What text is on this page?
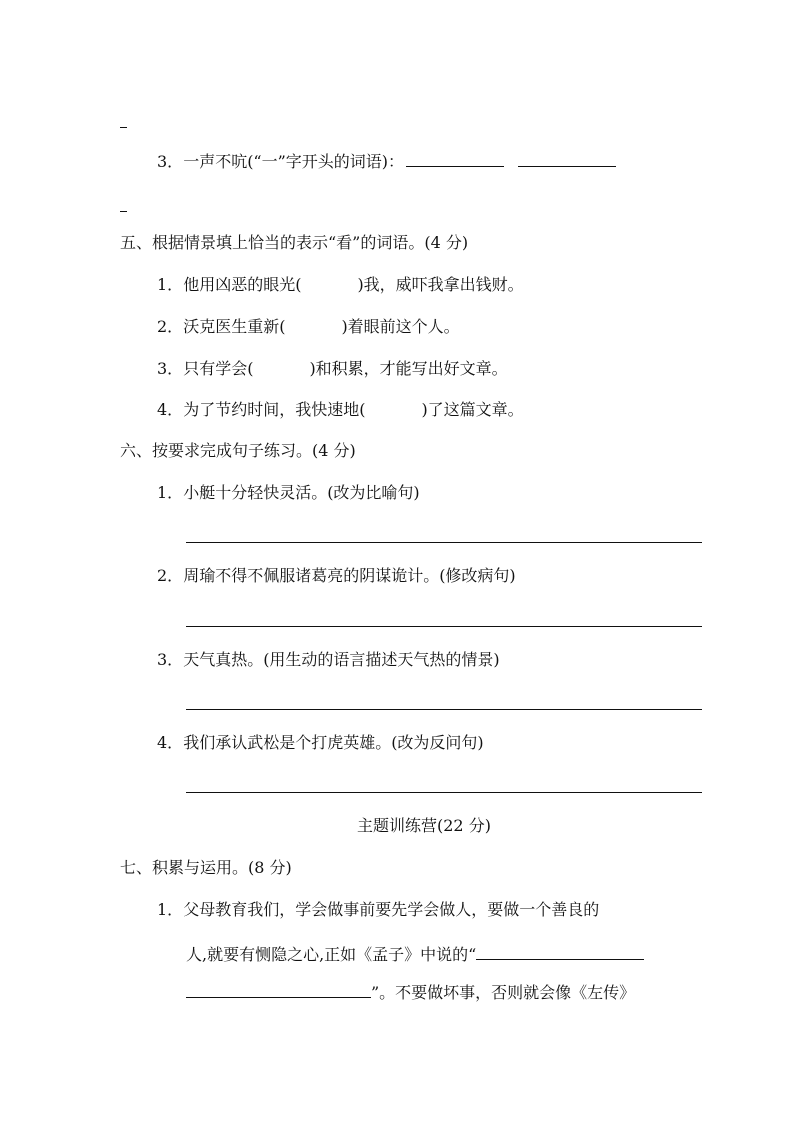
3．一声不吭(“一”字开头的词语)：
五、根据情景填上恰当的表示“看”的词语。(4 分)
1．他用凶恶的眼光(	)我，威吓我拿出钱财。
2．沃克医生重新(	)着眼前这个人。
3．只有学会(	)和积累，才能写出好文章。
4．为了节约时间，我快速地(	)了这篇文章。
六、按要求完成句子练习。(4 分)
1．小艇十分轻快灵活。(改为比喻句)
2．周瑜不得不佩服诸葛亮的阴谋诡计。(修改病句)
3．天气真热。(用生动的语言描述天气热的情景)
4．我们承认武松是个打虎英雄。(改为反问句)
主题训练营(22 分)
七、积累与运用。(8 分)
1．父母教育我们，学会做事前要先学会做人，要做一个善良的
人,就要有恻隐之心,正如《孟子》中说的“
”。不要做坏事，否则就会像《左传》
